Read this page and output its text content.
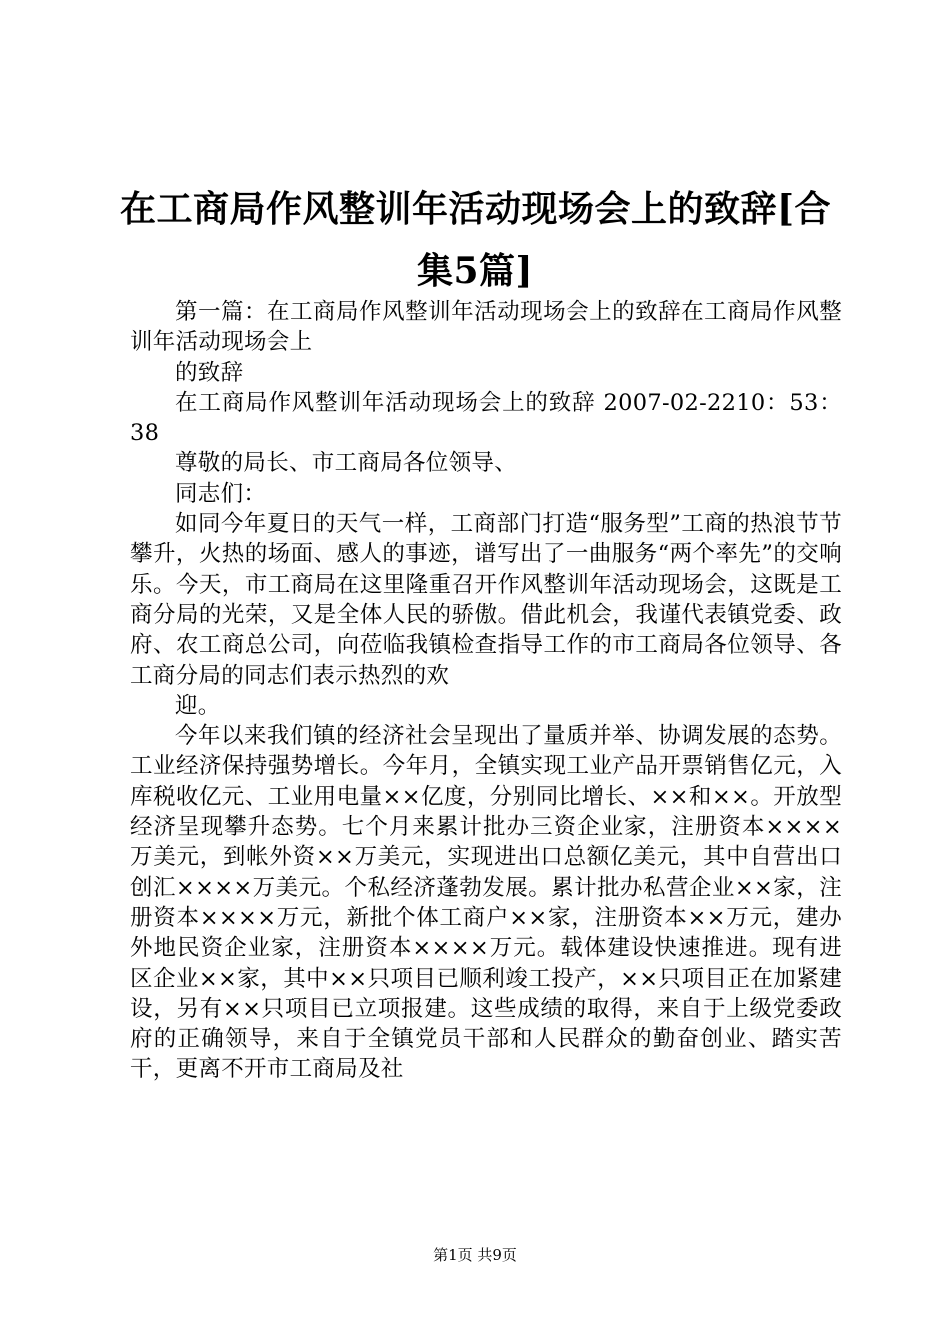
在工商局作风整训年活动现场会上的致辞[合
集5篇]

第一篇：在工商局作风整训年活动现场会上的致辞在工商局作风整训年活动现场会上

的致辞

在工商局作风整训年活动现场会上的致辞 2007-02-2210：53：38

尊敬的局长、市工商局各位领导、

同志们：

如同今年夏日的天气一样，工商部门打造“服务型”工商的热浪节节攀升，火热的场面、感人的事迹，谱写出了一曲服务“两个率先”的交响乐。今天，市工商局在这里隆重召开作风整训年活动现场会，这既是工商分局的光荣，又是全体人民的骄傲。借此机会，我谨代表镇党委、政府、农工商总公司，向莅临我镇检查指导工作的市工商局各位领导、各工商分局的同志们表示热烈的欢

迎。

今年以来我们镇的经济社会呈现出了量质并举、协调发展的态势。工业经济保持强势增长。今年月，全镇实现工业产品开票销售亿元，入库税收亿元、工业用电量××亿度，分别同比增长、××和××。开放型经济呈现攀升态势。七个月来累计批办三资企业家，注册资本××××万美元，到帐外资××万美元，实现进出口总额亿美元，其中自营出口创汇××××万美元。个私经济蓬勃发展。累计批办私营企业××家，注册资本××××万元，新批个体工商户××家，注册资本××万元，建办外地民资企业家，注册资本××××万元。载体建设快速推进。现有进区企业××家，其中××只项目已顺利竣工投产，××只项目正在加紧建设，另有××只项目已立项报建。这些成绩的取得，来自于上级党委政府的正确领导，来自于全镇党员干部和人民群众的勤奋创业、踏实苦干，更离不开市工商局及社

第1页 共9页
